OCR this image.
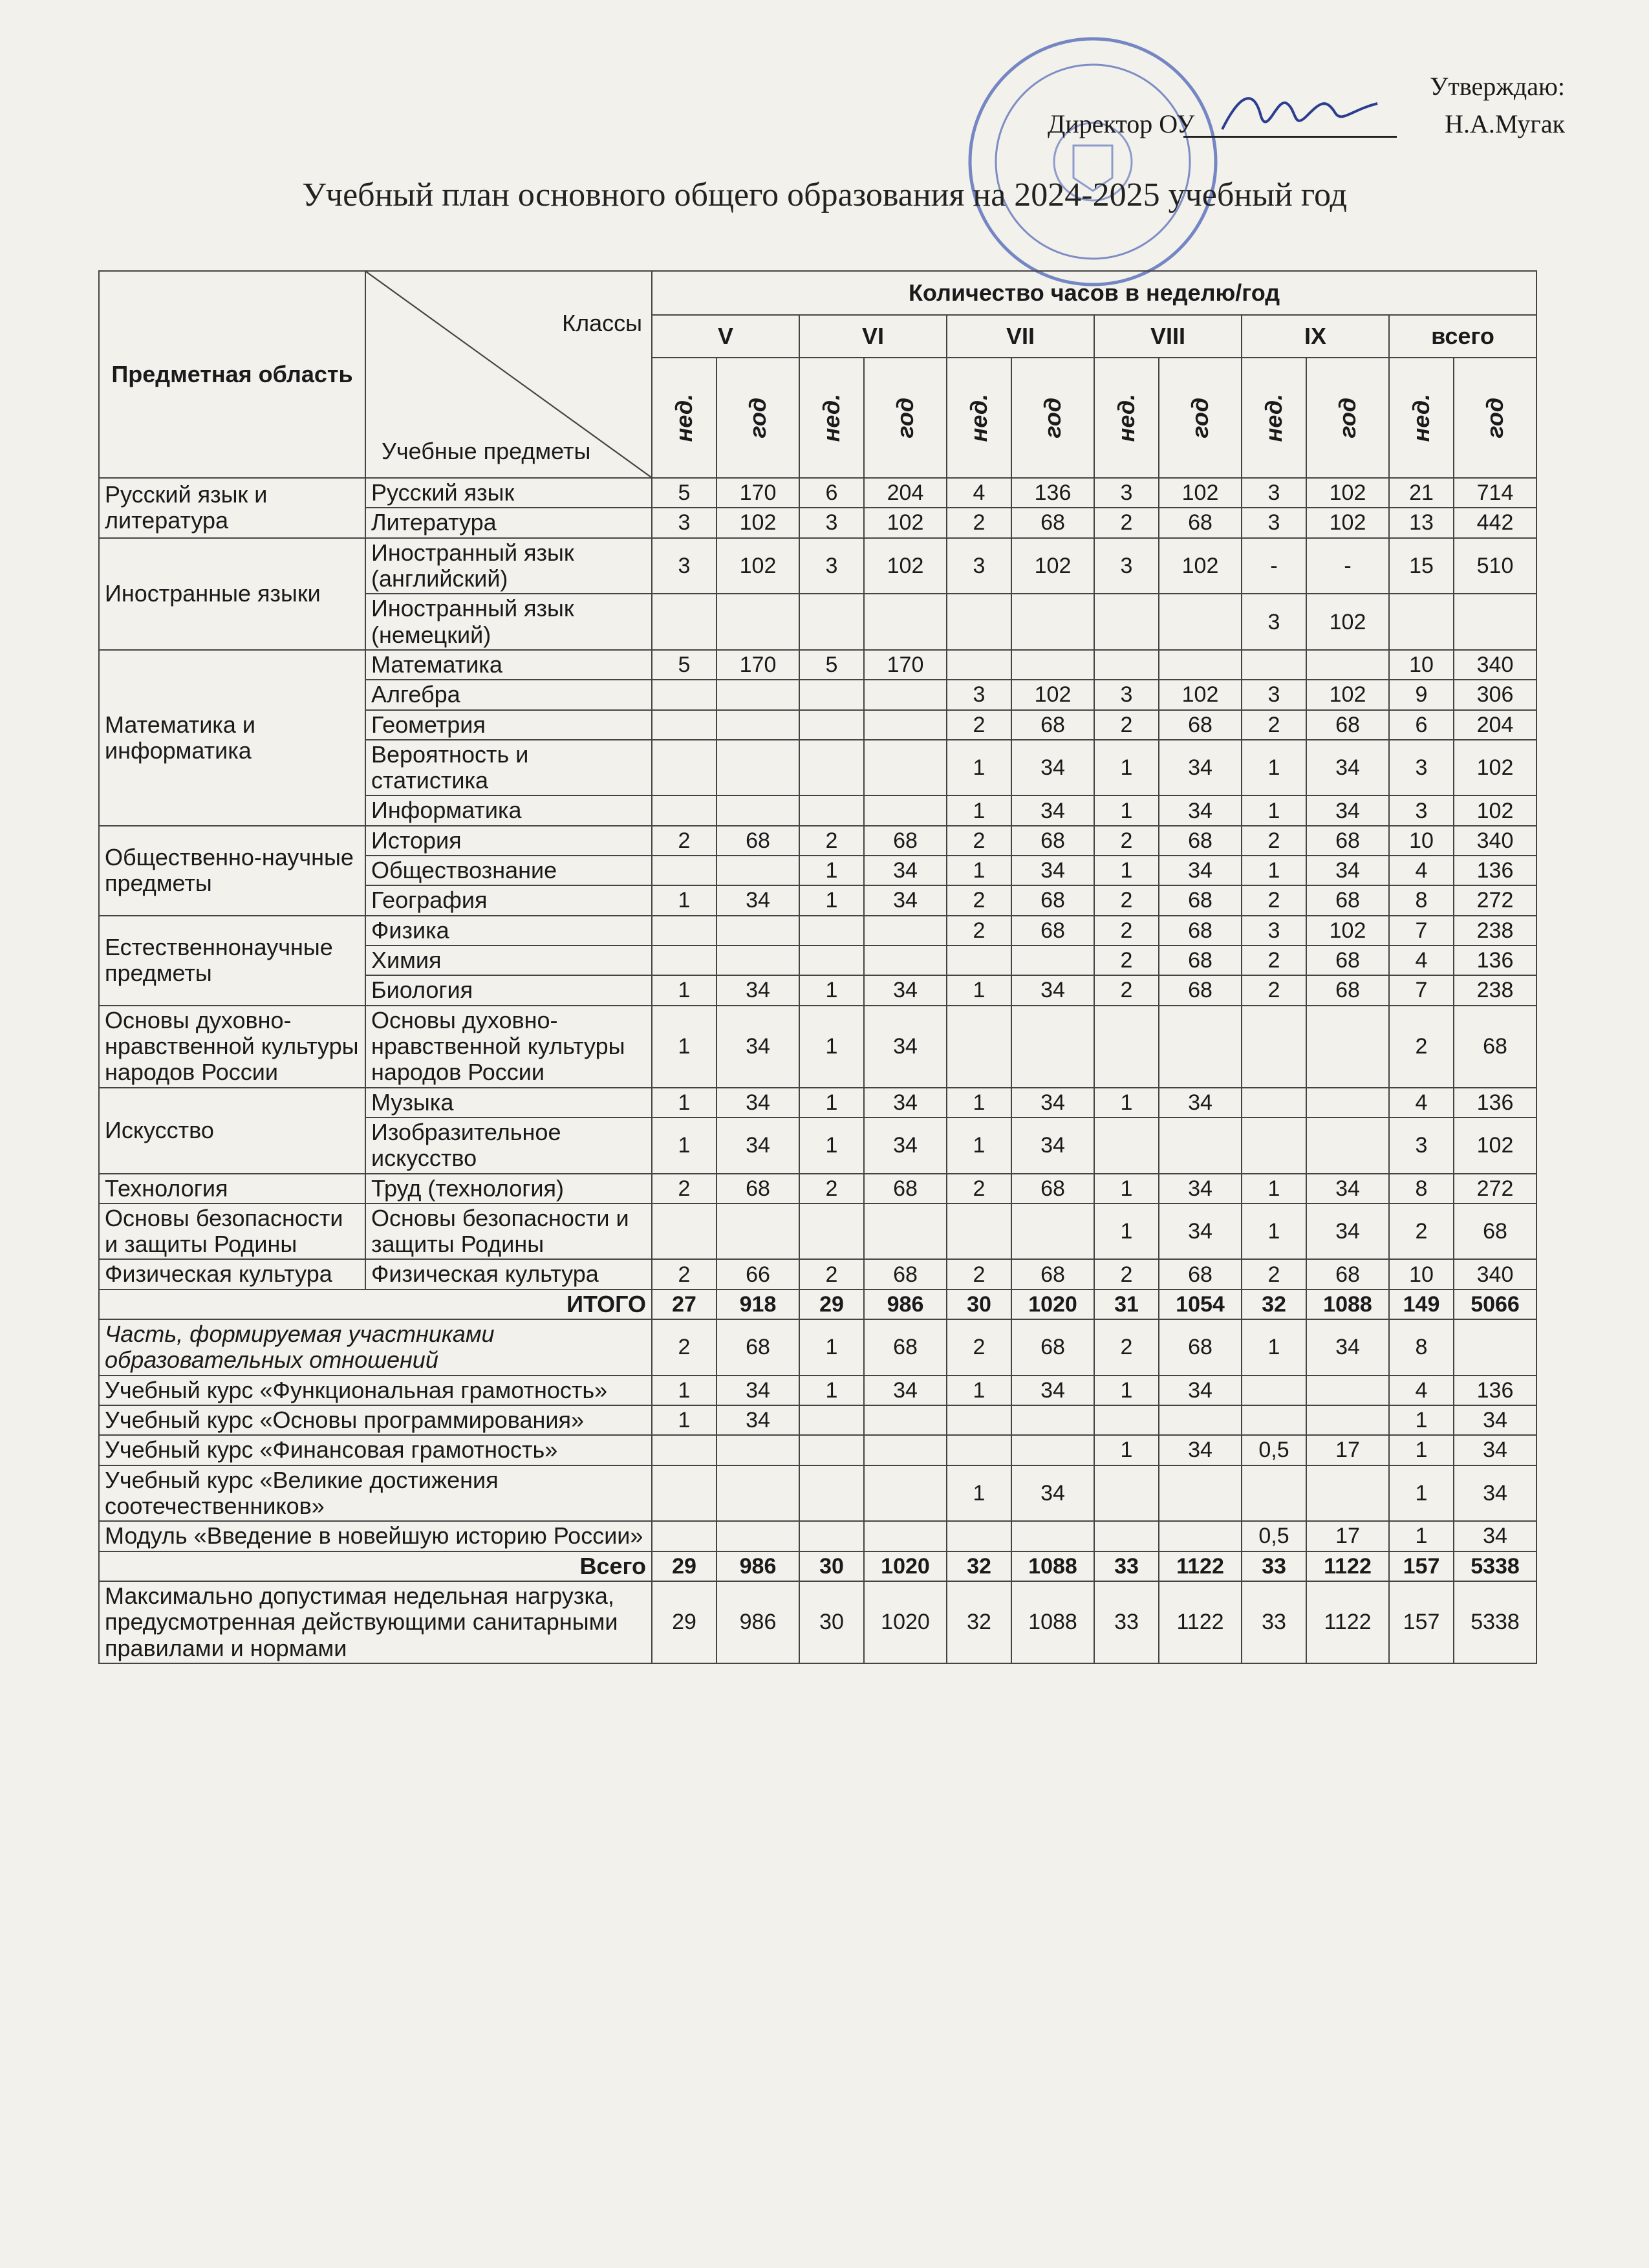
Утверждаю:
Директор ОУ	Н.А.Мугак
Учебный план основного общего образования на 2024-2025 учебный год
Предметная область	Классы
Учебные предметы	Количество часов в неделю/год											
		V		VI		VII		VIII		IX		всего	
		нед.	год	нед.	год	нед.	год	нед.	год	нед.	год	нед.	год
Русский язык и литература	Русский язык	5	170	6	204	4	136	3	102	3	102	21	714
	Литература	3	102	3	102	2	68	2	68	3	102	13	442
Иностранные языки	Иностранный язык (английский)	3	102	3	102	3	102	3	102	-	-	15	510
	Иностранный язык (немецкий)									3	102		
Математика и информатика	Математика	5	170	5	170							10	340
	Алгебра					3	102	3	102	3	102	9	306
	Геометрия					2	68	2	68	2	68	6	204
	Вероятность и статистика					1	34	1	34	1	34	3	102
	Информатика					1	34	1	34	1	34	3	102
Общественно-научные предметы	История	2	68	2	68	2	68	2	68	2	68	10	340
	Обществознание			1	34	1	34	1	34	1	34	4	136
	География	1	34	1	34	2	68	2	68	2	68	8	272
Естественнонаучные предметы	Физика					2	68	2	68	3	102	7	238
	Химия							2	68	2	68	4	136
	Биология	1	34	1	34	1	34	2	68	2	68	7	238
Основы духовно-нравственной культуры народов России	Основы духовно-нравственной культуры народов России	1	34	1	34							2	68
Искусство	Музыка	1	34	1	34	1	34	1	34			4	136
	Изобразительное искусство	1	34	1	34	1	34					3	102
Технология	Труд (технология)	2	68	2	68	2	68	1	34	1	34	8	272
Основы безопасности и защиты Родины	Основы безопасности и защиты Родины							1	34	1	34	2	68
Физическая культура	Физическая культура	2	66	2	68	2	68	2	68	2	68	10	340
ИТОГО		27	918	29	986	30	1020	31	1054	32	1088	149	5066
Часть, формируемая участниками образовательных отношений		2	68	1	68	2	68	2	68	1	34	8	
Учебный курс «Функциональная грамотность»		1	34	1	34	1	34	1	34			4	136
Учебный курс «Основы программирования»		1	34									1	34
Учебный курс «Финансовая грамотность»								1	34	0,5	17	1	34
Учебный курс «Великие достижения соотечественников»						1	34					1	34
Модуль «Введение в новейшую историю России»										0,5	17	1	34
Всего		29	986	30	1020	32	1088	33	1122	33	1122	157	5338
Максимально допустимая недельная нагрузка, предусмотренная действующими санитарными правилами и нормами		29	986	30	1020	32	1088	33	1122	33	1122	157	5338
